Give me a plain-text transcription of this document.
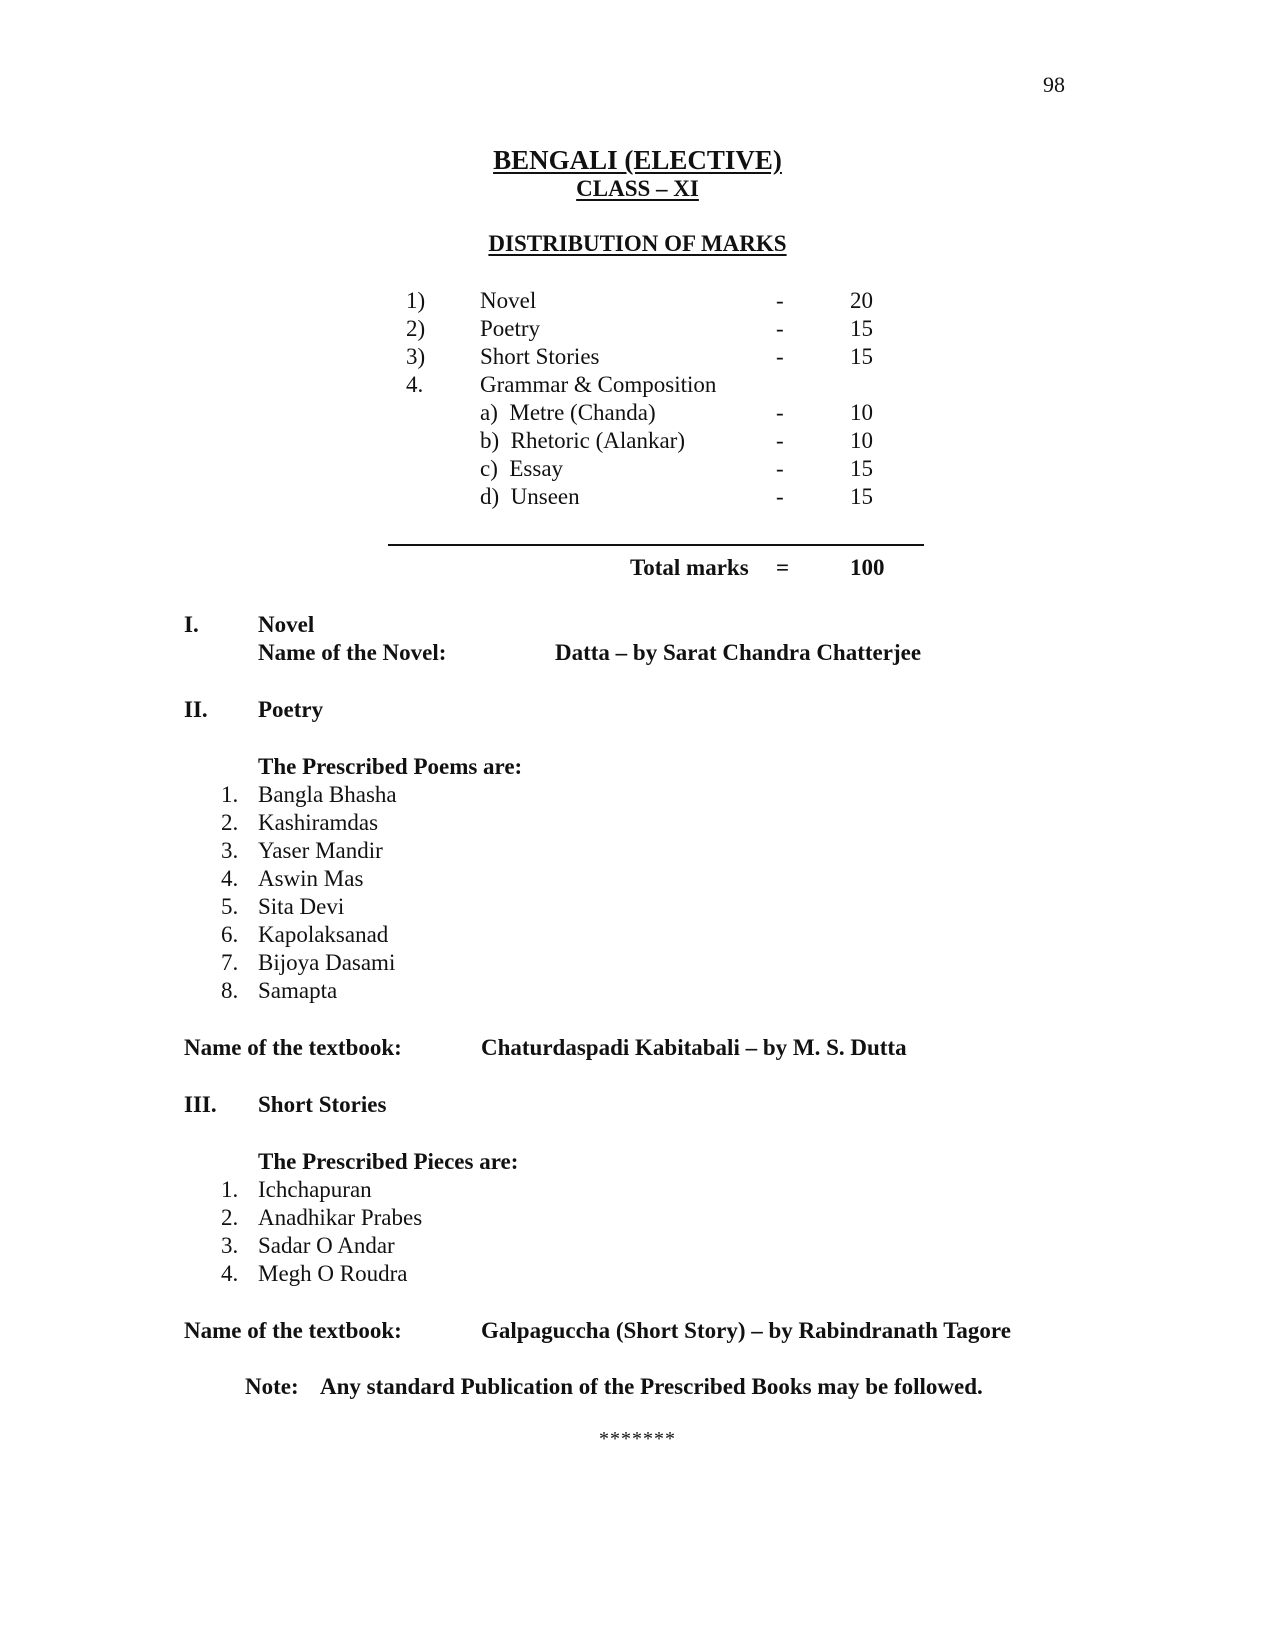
98
BENGALI (ELECTIVE)
CLASS – XI
DISTRIBUTION OF MARKS
1) Novel	-	20
2) Poetry	-	15
3) Short Stories	-	15
4. Grammar & Composition
a)  Metre (Chanda)	-	10
b)  Rhetoric (Alankar)	-	10
c)  Essay	-	15
d)  Unseen	-	15
Total marks =	100
I.	Novel
Name of the Novel:	Datta – by Sarat Chandra Chatterjee
II. Poetry
The Prescribed Poems are:
1. Bangla Bhasha
2. Kashiramdas
3. Yaser Mandir
4. Aswin Mas
5. Sita Devi
6. Kapolaksanad
7. Bijoya Dasami
8. Samapta
Name of the textbook:	Chaturdaspadi Kabitabali – by M. S. Dutta
III. Short Stories
The Prescribed Pieces are:
1. Ichchapuran
2. Anadhikar Prabes
3. Sadar O Andar
4. Megh O Roudra
Name of the textbook:	Galpaguccha (Short Story) – by Rabindranath Tagore
Note: Any standard Publication of the Prescribed Books may be followed.
*******
